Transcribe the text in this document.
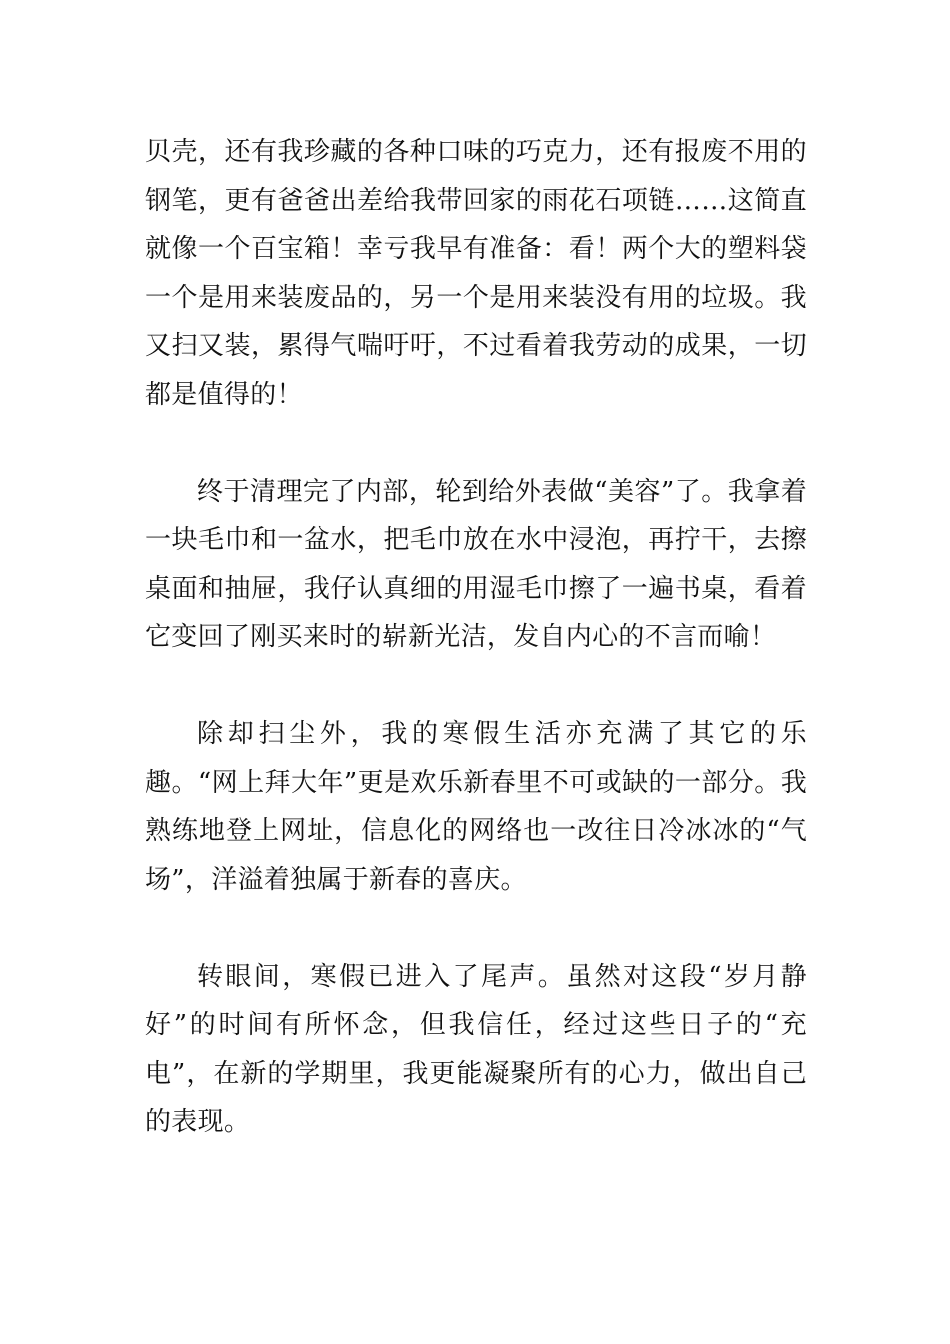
贝壳，还有我珍藏的各种口味的巧克力，还有报废不用的钢笔，更有爸爸出差给我带回家的雨花石项链……这简直就像一个百宝箱！幸亏我早有准备：看！两个大的塑料袋一个是用来装废品的，另一个是用来装没有用的垃圾。我又扫又装，累得气喘吁吁，不过看着我劳动的成果，一切都是值得的！

终于清理完了内部，轮到给外表做“美容”了。我拿着一块毛巾和一盆水，把毛巾放在水中浸泡，再拧干，去擦桌面和抽屉，我仔认真细的用湿毛巾擦了一遍书桌，看着它变回了刚买来时的崭新光洁，发自内心的不言而喻！

除却扫尘外，我的寒假生活亦充满了其它的乐趣。“网上拜大年”更是欢乐新春里不可或缺的一部分。我熟练地登上网址，信息化的网络也一改往日冷冰冰的“气场”，洋溢着独属于新春的喜庆。

转眼间，寒假已进入了尾声。虽然对这段“岁月静好”的时间有所怀念，但我信任，经过这些日子的“充电”，在新的学期里，我更能凝聚所有的心力，做出自己的表现。
